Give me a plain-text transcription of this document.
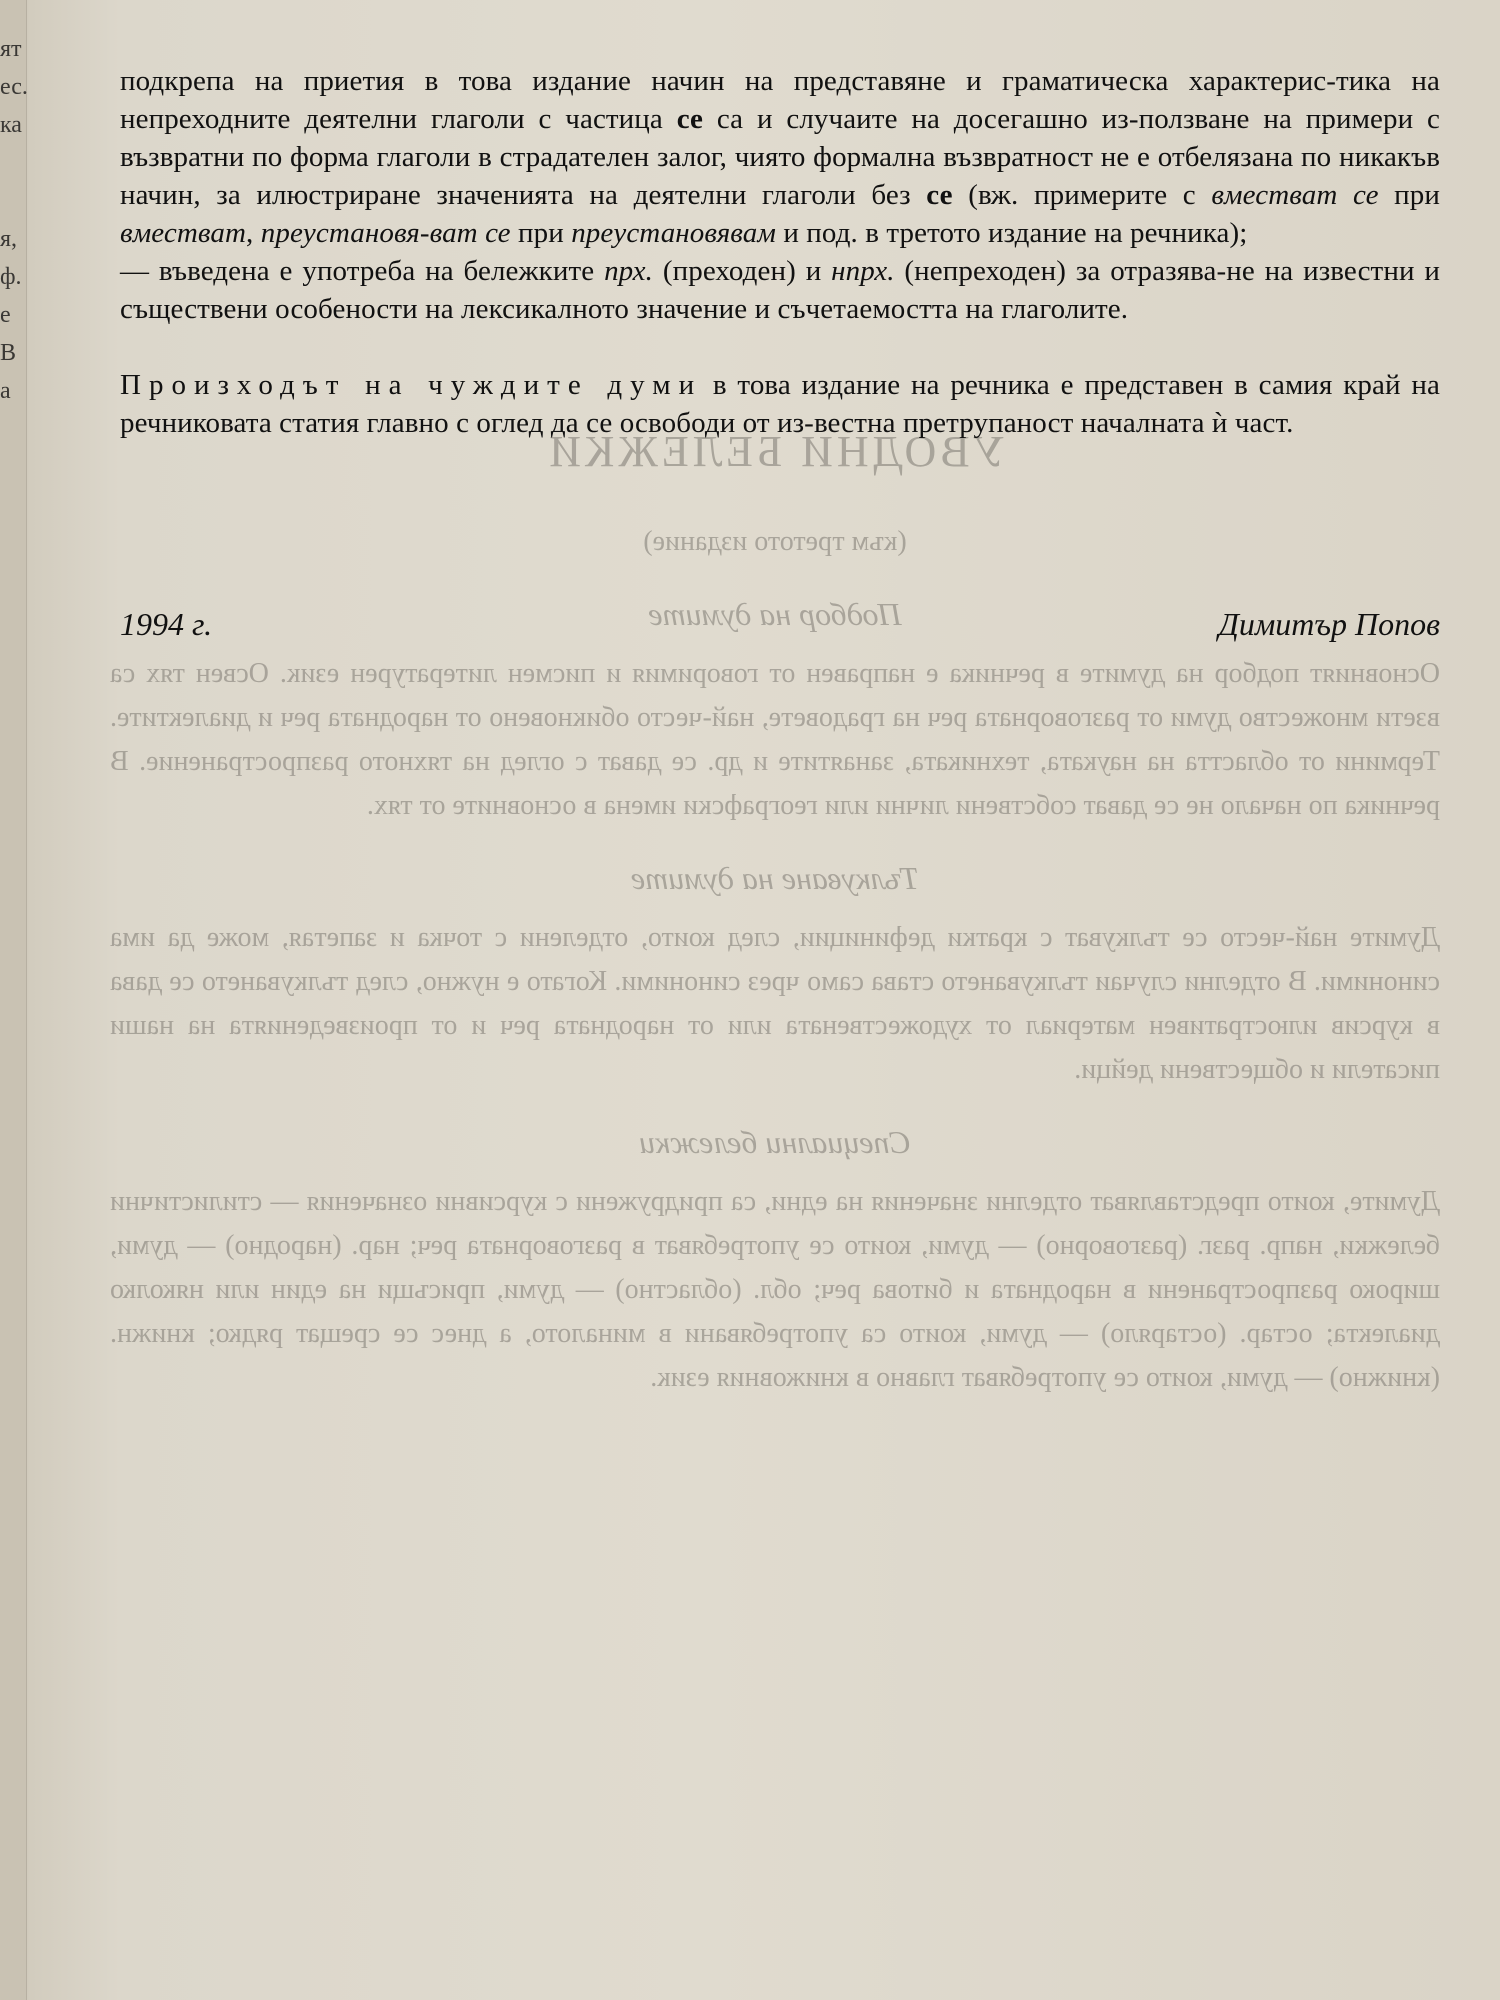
ят
ес.
ка

я,
ф.
е
В
а
УВОДНИ БЕЛЕЖКИ

(към третото издание)

Подбор на думите

Основният подбор на думите в речника е направен от говоримия и писмен литературен език. Освен тях са взети множество думи от разговорната реч на градовете, най-често обикновено от народната реч и диалектите. Термини от областта на науката, техниката, занаятите и др. се дават с оглед на тяхното разпространение. В речника по начало не се дават собствени лични или географски имена в основните от тях.

Тълкуване на думите

Думите най-често се тълкуват с кратки дефиниции, след които, отделени с точка и запетая, може да има синоними. В отделни случаи тълкуването става само чрез синоними. Когато е нужно, след тълкуването се дава в курсив илюстративен материал от художествената или от народната реч и от произведенията на наши писатели и обществени дейци.

Специални бележки

Думите, които представляват отделни значения на едни, са придружени с курсивни означения — стилистични бележки, напр. разг. (разговорно) — думи, които се употребяват в разговорната реч; нар. (народно) — думи, широко разпространени в народната и битова реч; обл. (областно) — думи, присъщи на един или няколко диалекта; остар. (остаряло) — думи, които са употребявани в миналото, а днес се срещат рядко; книжн. (книжно) — думи, които се употребяват главно в книжовния език.

подкрепа на приетия в това издание начин на представяне и граматическа характерис-тика на непреходните деятелни глаголи с частица се са и случаите на досегашно из-ползване на примери с възвратни по форма глаголи в страдателен залог, чиято формална възвратност не е отбелязана по никакъв начин, за илюстриране значенията на деятелни глаголи без се (вж. примерите с вместват се при вместват, преустановя-ват се при преустановявам и под. в третото издание на речника);

— въведена е употреба на бележките прх. (преходен) и нпрх. (непреходен) за отразява-не на известни и съществени особености на лексикалното значение и съчетаемостта на глаголите.

Произходът на чуждите думи в това издание на речника е представен в самия край на речниковата статия главно с оглед да се освободи от из-вестна претрупаност началната ѝ част.

1994 г.	Димитър Попов
